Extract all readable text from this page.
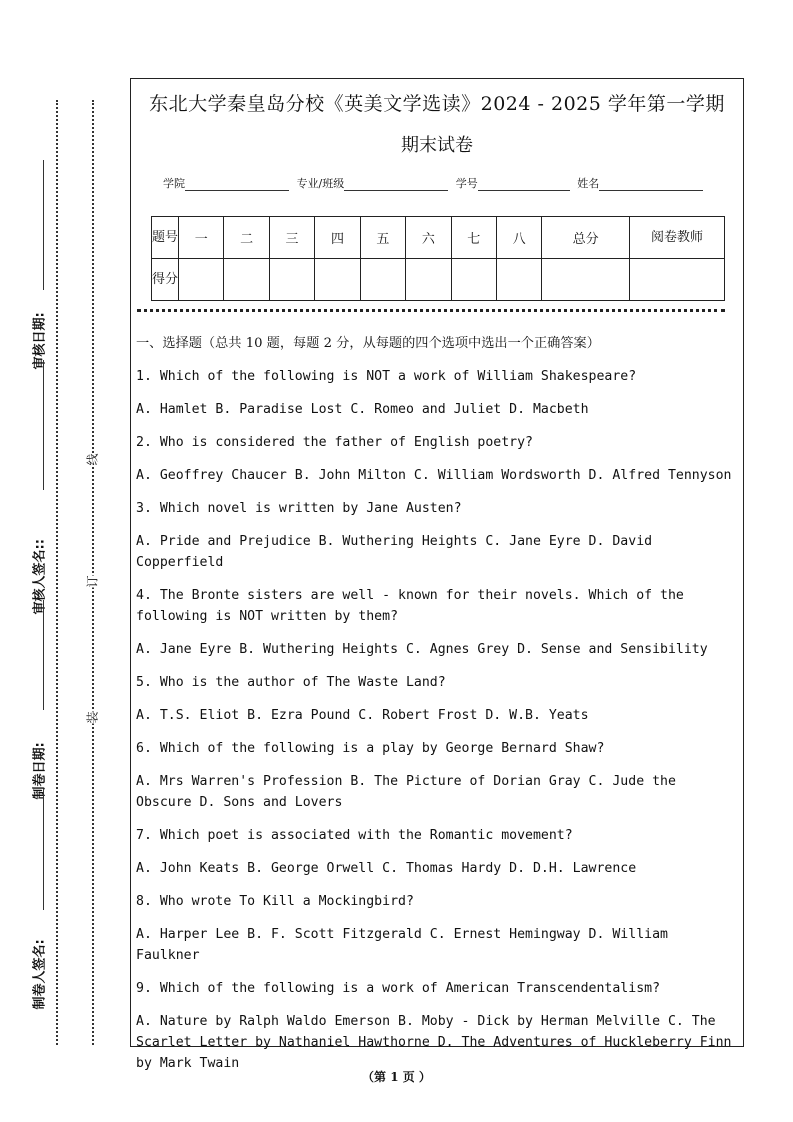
审核日期:
审核人签名::
制卷日期:
制卷人签名:
线
订
装
东北大学秦皇岛分校《英美文学选读》2024 - 2025 学年第一学期
期末试卷
学院	专业/班级	学号	姓名
题号	一	二	三	四	五	六	七	八	总分	阅卷教师
得分										

一、选择题（总共 10 题，每题 2 分，从每题的四个选项中选出一个正确答案）

1. Which of the following is NOT a work of William Shakespeare?

A. Hamlet B. Paradise Lost C. Romeo and Juliet D. Macbeth

2. Who is considered the father of English poetry?

A. Geoffrey Chaucer B. John Milton C. William Wordsworth D. Alfred Tennyson

3. Which novel is written by Jane Austen?

A. Pride and Prejudice B. Wuthering Heights C. Jane Eyre D. David Copperfield

4. The Bronte sisters are well - known for their novels. Which of the following is NOT written by them?

A. Jane Eyre B. Wuthering Heights C. Agnes Grey D. Sense and Sensibility

5. Who is the author of The Waste Land?

A. T.S. Eliot B. Ezra Pound C. Robert Frost D. W.B. Yeats

6. Which of the following is a play by George Bernard Shaw?

A. Mrs Warren's Profession B. The Picture of Dorian Gray C. Jude the Obscure D. Sons and Lovers

7. Which poet is associated with the Romantic movement?

A. John Keats B. George Orwell C. Thomas Hardy D. D.H. Lawrence

8. Who wrote To Kill a Mockingbird?

A. Harper Lee B. F. Scott Fitzgerald C. Ernest Hemingway D. William Faulkner

9. Which of the following is a work of American Transcendentalism?

A. Nature by Ralph Waldo Emerson B. Moby - Dick by Herman Melville C. The Scarlet Letter by Nathaniel Hawthorne D. The Adventures of Huckleberry Finn by Mark Twain

（第 1 页 ）
